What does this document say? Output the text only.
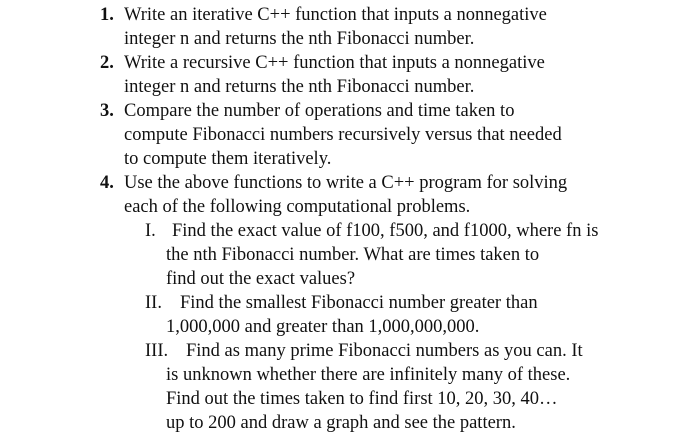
1. Write an iterative C++ function that inputs a nonnegative
integer n and returns the nth Fibonacci number.
2. Write a recursive C++ function that inputs a nonnegative
integer n and returns the nth Fibonacci number.
3. Compare the number of operations and time taken to
compute Fibonacci numbers recursively versus that needed
to compute them iteratively.
4. Use the above functions to write a C++ program for solving
each of the following computational problems.
I. Find the exact value of f100, f500, and f1000, where fn is
the nth Fibonacci number. What are times taken to
find out the exact values?
II. Find the smallest Fibonacci number greater than
1,000,000 and greater than 1,000,000,000.
III. Find as many prime Fibonacci numbers as you can. It
is unknown whether there are infinitely many of these.
Find out the times taken to find first 10, 20, 30, 40…
up to 200 and draw a graph and see the pattern.
